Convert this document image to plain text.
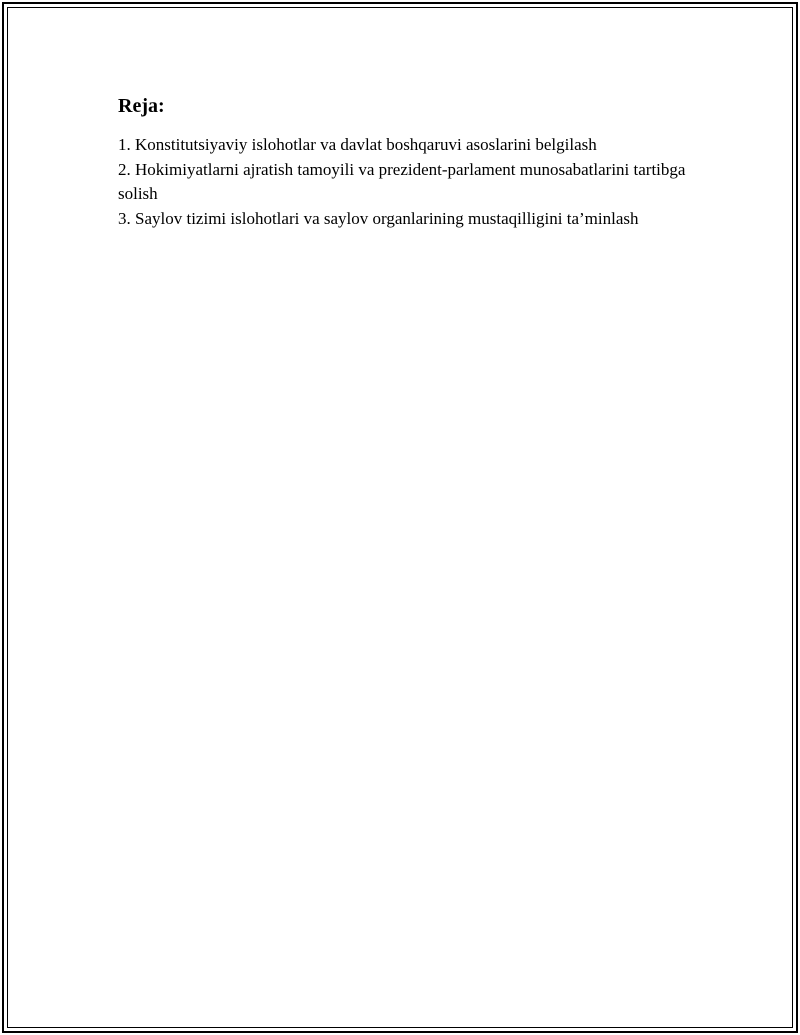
Reja:
1. Konstitutsiyaviy islohotlar va davlat boshqaruvi asoslarini belgilash
2. Hokimiyatlarni ajratish tamoyili va prezident-parlament munosabatlarini tartibga solish
3. Saylov tizimi islohotlari va saylov organlarining mustaqilligini ta’minlash
